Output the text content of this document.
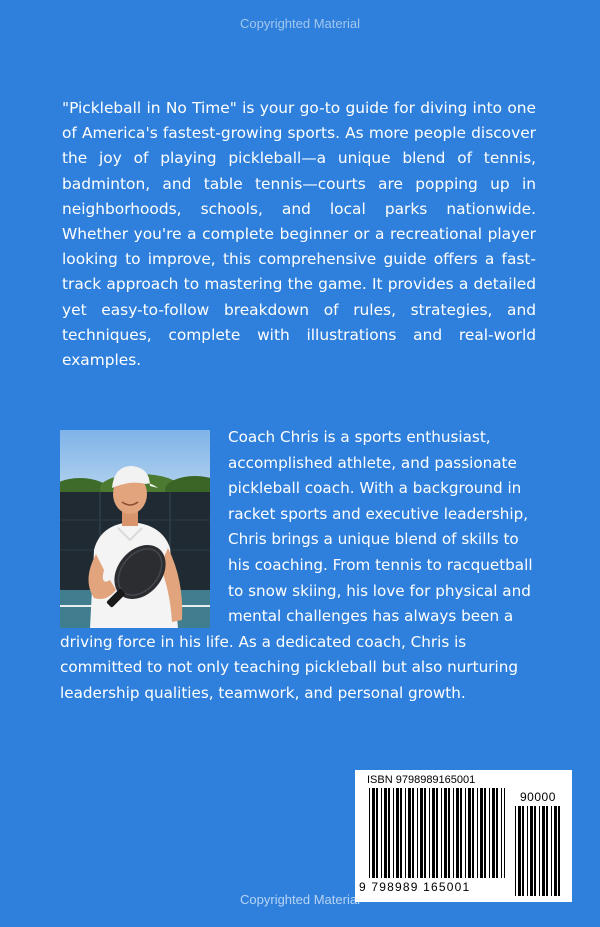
Copyrighted Material

"Pickleball in No Time" is your go-to guide for diving into one of America's fastest-growing sports. As more people discover the joy of playing pickleball—a unique blend of tennis, badminton, and table tennis—courts are popping up in neighborhoods, schools, and local parks nationwide. Whether you're a complete beginner or a recreational player looking to improve, this comprehensive guide offers a fast-track approach to mastering the game. It provides a detailed yet easy-to-follow breakdown of rules, strategies, and techniques, complete with illustrations and real-world examples.

Coach Chris is a sports enthusiast, accomplished athlete, and passionate pickleball coach. With a background in racket sports and executive leadership, Chris brings a unique blend of skills to his coaching. From tennis to racquetball to snow skiing, his love for physical and mental challenges has always been a driving force in his life. As a dedicated coach, Chris is committed to not only teaching pickleball but also nurturing leadership qualities, teamwork, and personal growth.
ISBN 9798989165001
90000
9 798989 165001
Copyrighted Material
